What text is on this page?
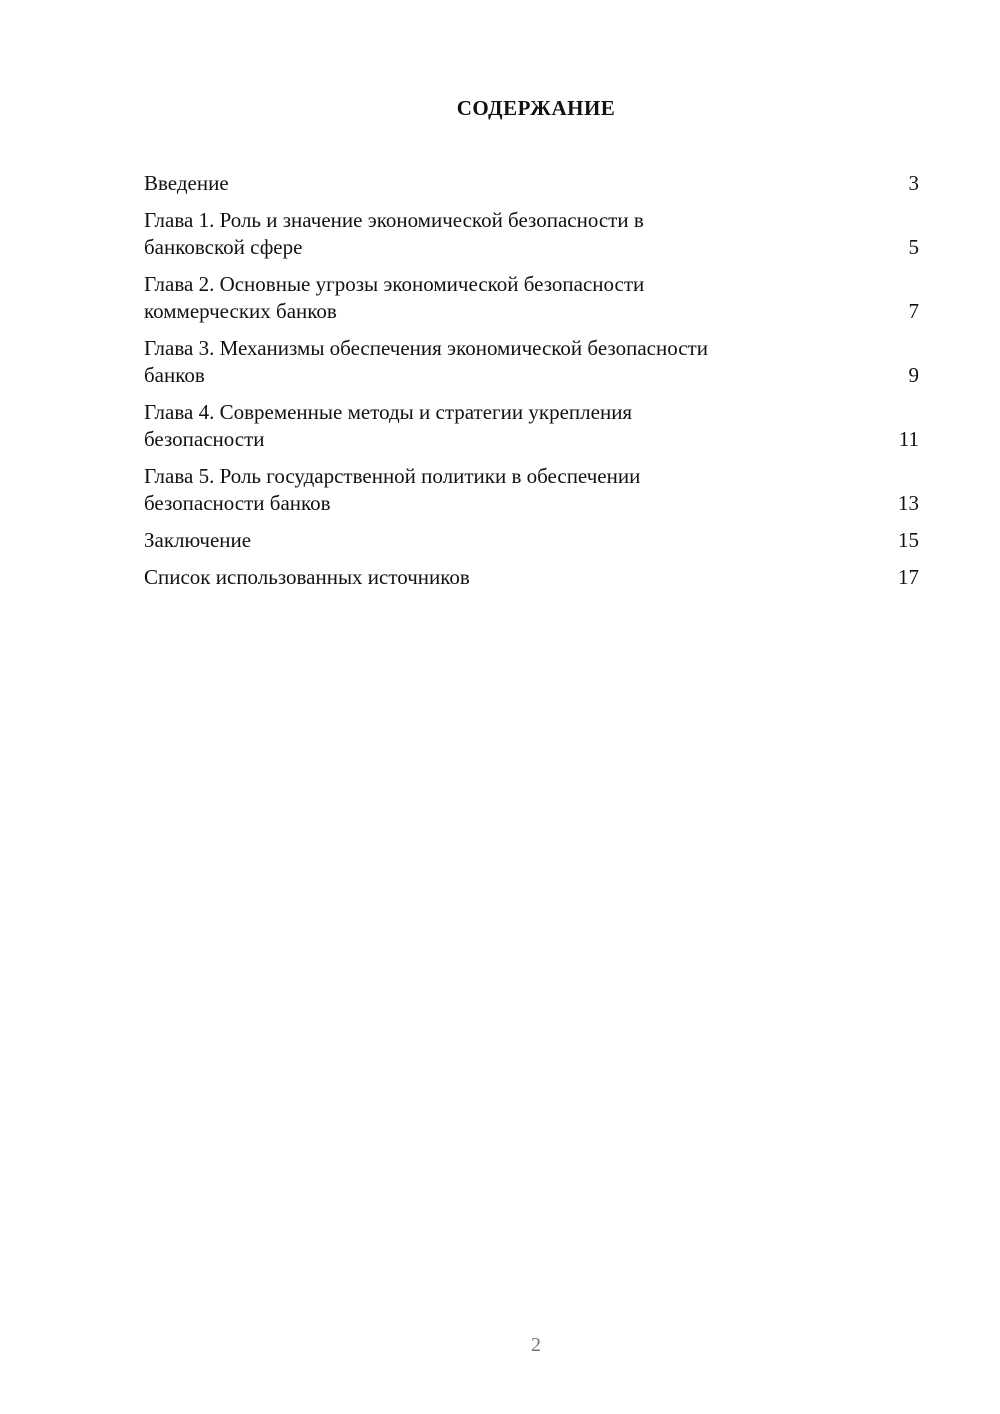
СОДЕРЖАНИЕ
Введение	3
Глава 1. Роль и значение экономической безопасности в
банковской сфере	5
Глава 2. Основные угрозы экономической безопасности
коммерческих банков	7
Глава 3. Механизмы обеспечения экономической безопасности
банков	9
Глава 4. Современные методы и стратегии укрепления
безопасности	11
Глава 5. Роль государственной политики в обеспечении
безопасности банков	13
Заключение	15
Список использованных источников	17
2
